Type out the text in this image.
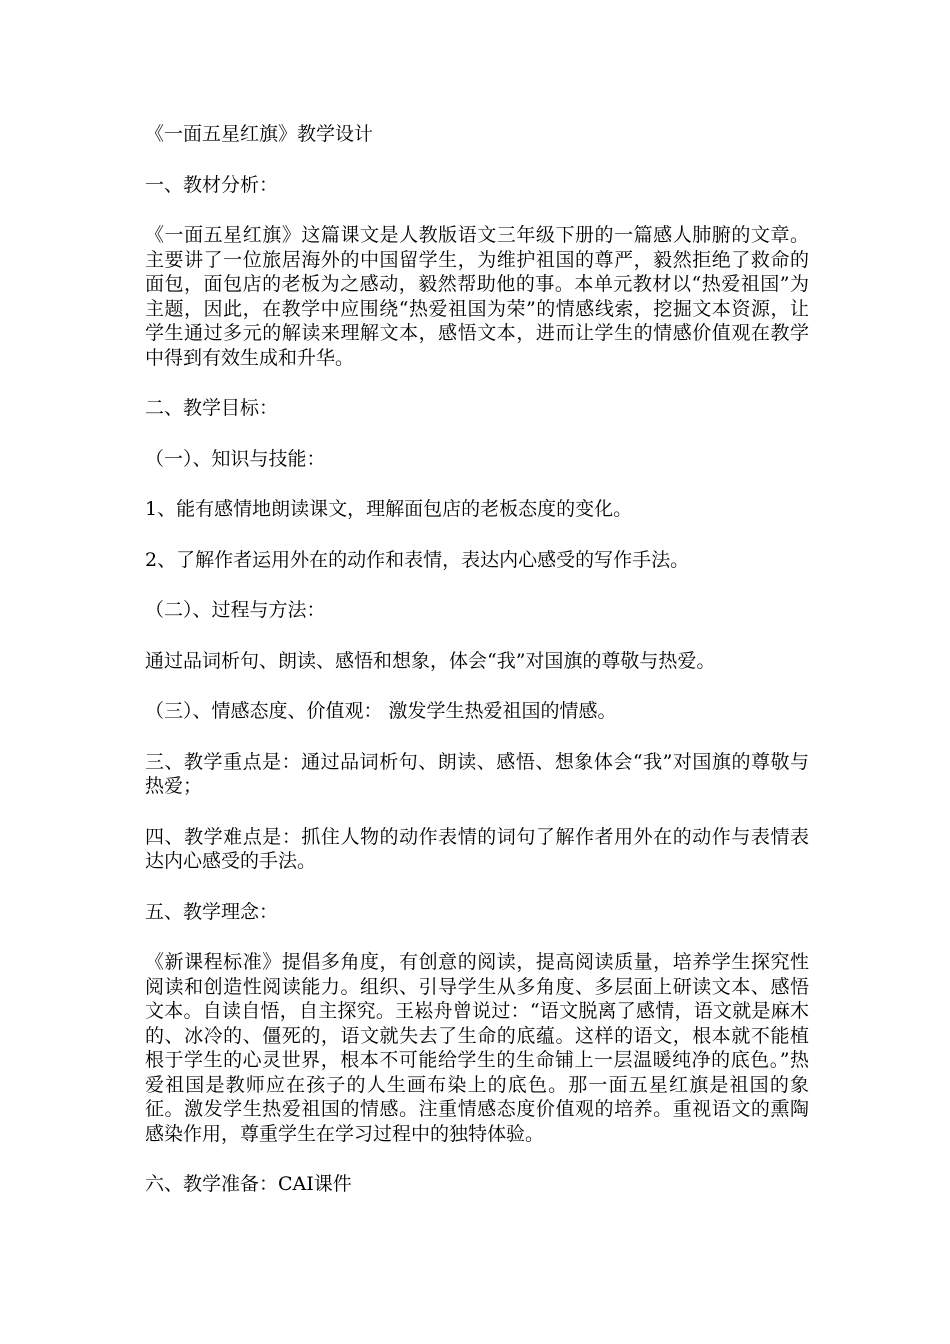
《一面五星红旗》教学设计

一、教材分析：

《一面五星红旗》这篇课文是人教版语文三年级下册的一篇感人肺腑的文章。主要讲了一位旅居海外的中国留学生，为维护祖国的尊严，毅然拒绝了救命的面包，面包店的老板为之感动，毅然帮助他的事。本单元教材以“热爱祖国”为主题，因此，在教学中应围绕“热爱祖国为荣”的情感线索，挖掘文本资源，让学生通过多元的解读来理解文本，感悟文本，进而让学生的情感价值观在教学中得到有效生成和升华。

二、教学目标：

（一）、知识与技能：

1、能有感情地朗读课文，理解面包店的老板态度的变化。

2、了解作者运用外在的动作和表情，表达内心感受的写作手法。

（二）、过程与方法：

通过品词析句、朗读、感悟和想象，体会“我”对国旗的尊敬与热爱。

（三）、情感态度、价值观： 激发学生热爱祖国的情感。

三、教学重点是：通过品词析句、朗读、感悟、想象体会“我”对国旗的尊敬与热爱；

四、教学难点是：抓住人物的动作表情的词句了解作者用外在的动作与表情表达内心感受的手法。

五、教学理念：

《新课程标准》提倡多角度，有创意的阅读，提高阅读质量，培养学生探究性阅读和创造性阅读能力。组织、引导学生从多角度、多层面上研读文本、感悟文本。自读自悟，自主探究。王崧舟曾说过：“语文脱离了感情，语文就是麻木的、冰冷的、僵死的，语文就失去了生命的底蕴。这样的语文，根本就不能植根于学生的心灵世界，根本不可能给学生的生命铺上一层温暖纯净的底色。”热爱祖国是教师应在孩子的人生画布染上的底色。那一面五星红旗是祖国的象征。激发学生热爱祖国的情感。注重情感态度价值观的培养。重视语文的熏陶感染作用，尊重学生在学习过程中的独特体验。

六、教学准备：CAI课件
